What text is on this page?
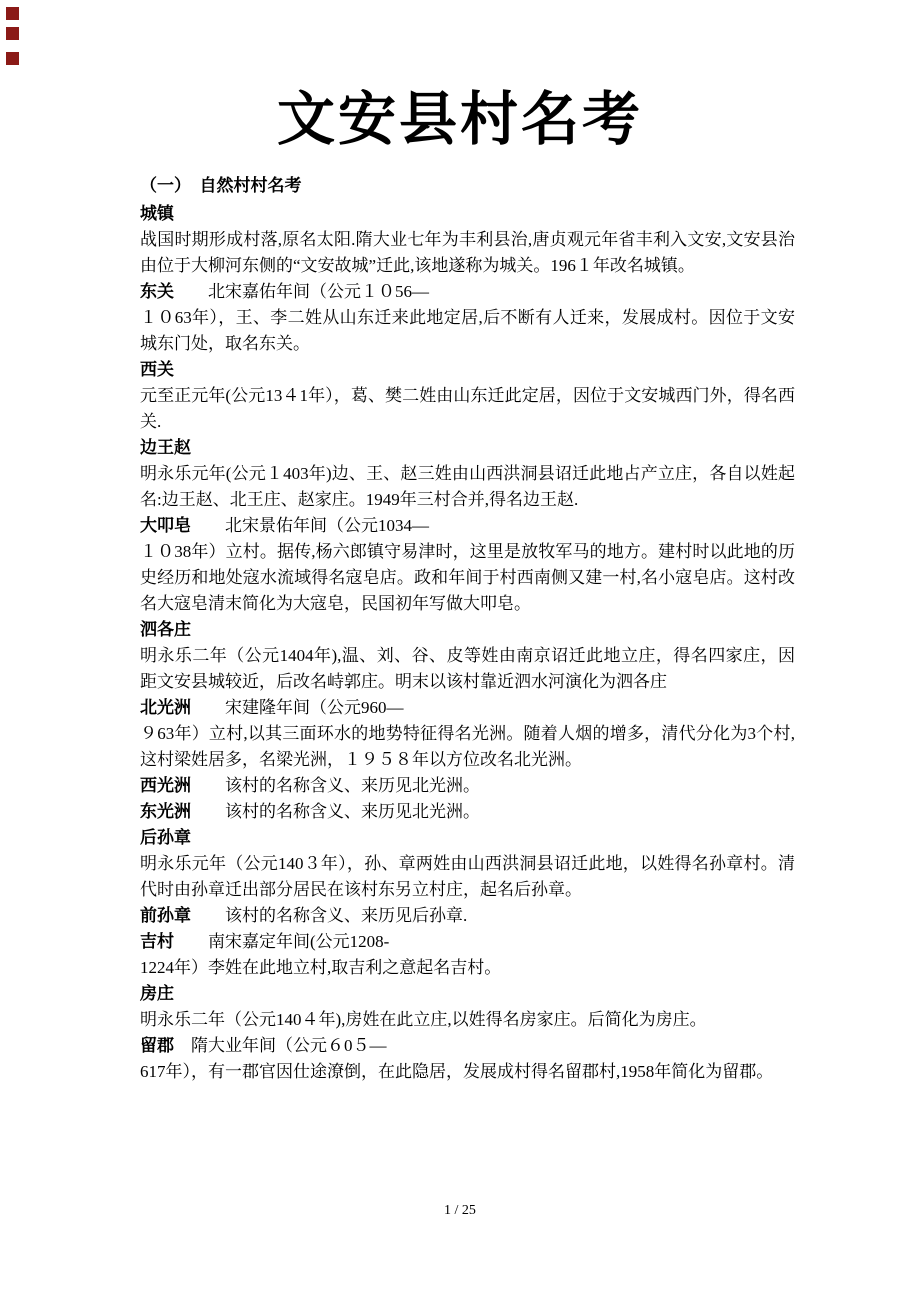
文安县村名考
（一）　自然村村名考
城镇
战国时期形成村落,原名太阳.隋大业七年为丰利县治,唐贞观元年省丰利入文安,文安县治由位于大柳河东侧的“文安故城”迁此,该地遂称为城关。196１年改名城镇。
东关　　北宋嘉佑年间（公元１０56—
１０63年），王、李二姓从山东迁来此地定居,后不断有人迁来，发展成村。因位于文安城东门处，取名东关。
西关
元至正元年(公元13４1年），葛、樊二姓由山东迁此定居，因位于文安城西门外，得名西关.
边王赵
明永乐元年(公元１403年)边、王、赵三姓由山西洪洞县诏迁此地占产立庄，各自以姓起名:边王赵、北王庄、赵家庄。1949年三村合并,得名边王赵.
大叩皂　　北宋景佑年间（公元1034—
１０38年）立村。据传,杨六郎镇守易津时，这里是放牧军马的地方。建村时以此地的历史经历和地处寇水流域得名寇皂店。政和年间于村西南侧又建一村,名小寇皂店。这村改名大寇皂清末简化为大寇皂，民国初年写做大叩皂。
泗各庄
明永乐二年（公元1404年),温、刘、谷、皮等姓由南京诏迁此地立庄，得名四家庄，因距文安县城较近，后改名峙郭庄。明末以该村靠近泗水河演化为泗各庄
北光洲　　宋建隆年间（公元960—
９63年）立村,以其三面环水的地势特征得名光洲。随着人烟的增多，清代分化为3个村,这村梁姓居多，名梁光洲，１９５８年以方位改名北光洲。
西光洲　　该村的名称含义、来历见北光洲。
东光洲　　该村的名称含义、来历见北光洲。
后孙章
明永乐元年（公元140３年），孙、章两姓由山西洪洞县诏迁此地，以姓得名孙章村。清代时由孙章迁出部分居民在该村东另立村庄，起名后孙章。
前孙章　　该村的名称含义、来历见后孙章.
吉村　　南宋嘉定年间(公元1208-
1224年）李姓在此地立村,取吉利之意起名吉村。
房庄
明永乐二年（公元140４年),房姓在此立庄,以姓得名房家庄。后简化为房庄。
留郡　隋大业年间（公元６0５—
617年），有一郡官因仕途潦倒，在此隐居，发展成村得名留郡村,1958年简化为留郡。
1 / 25
